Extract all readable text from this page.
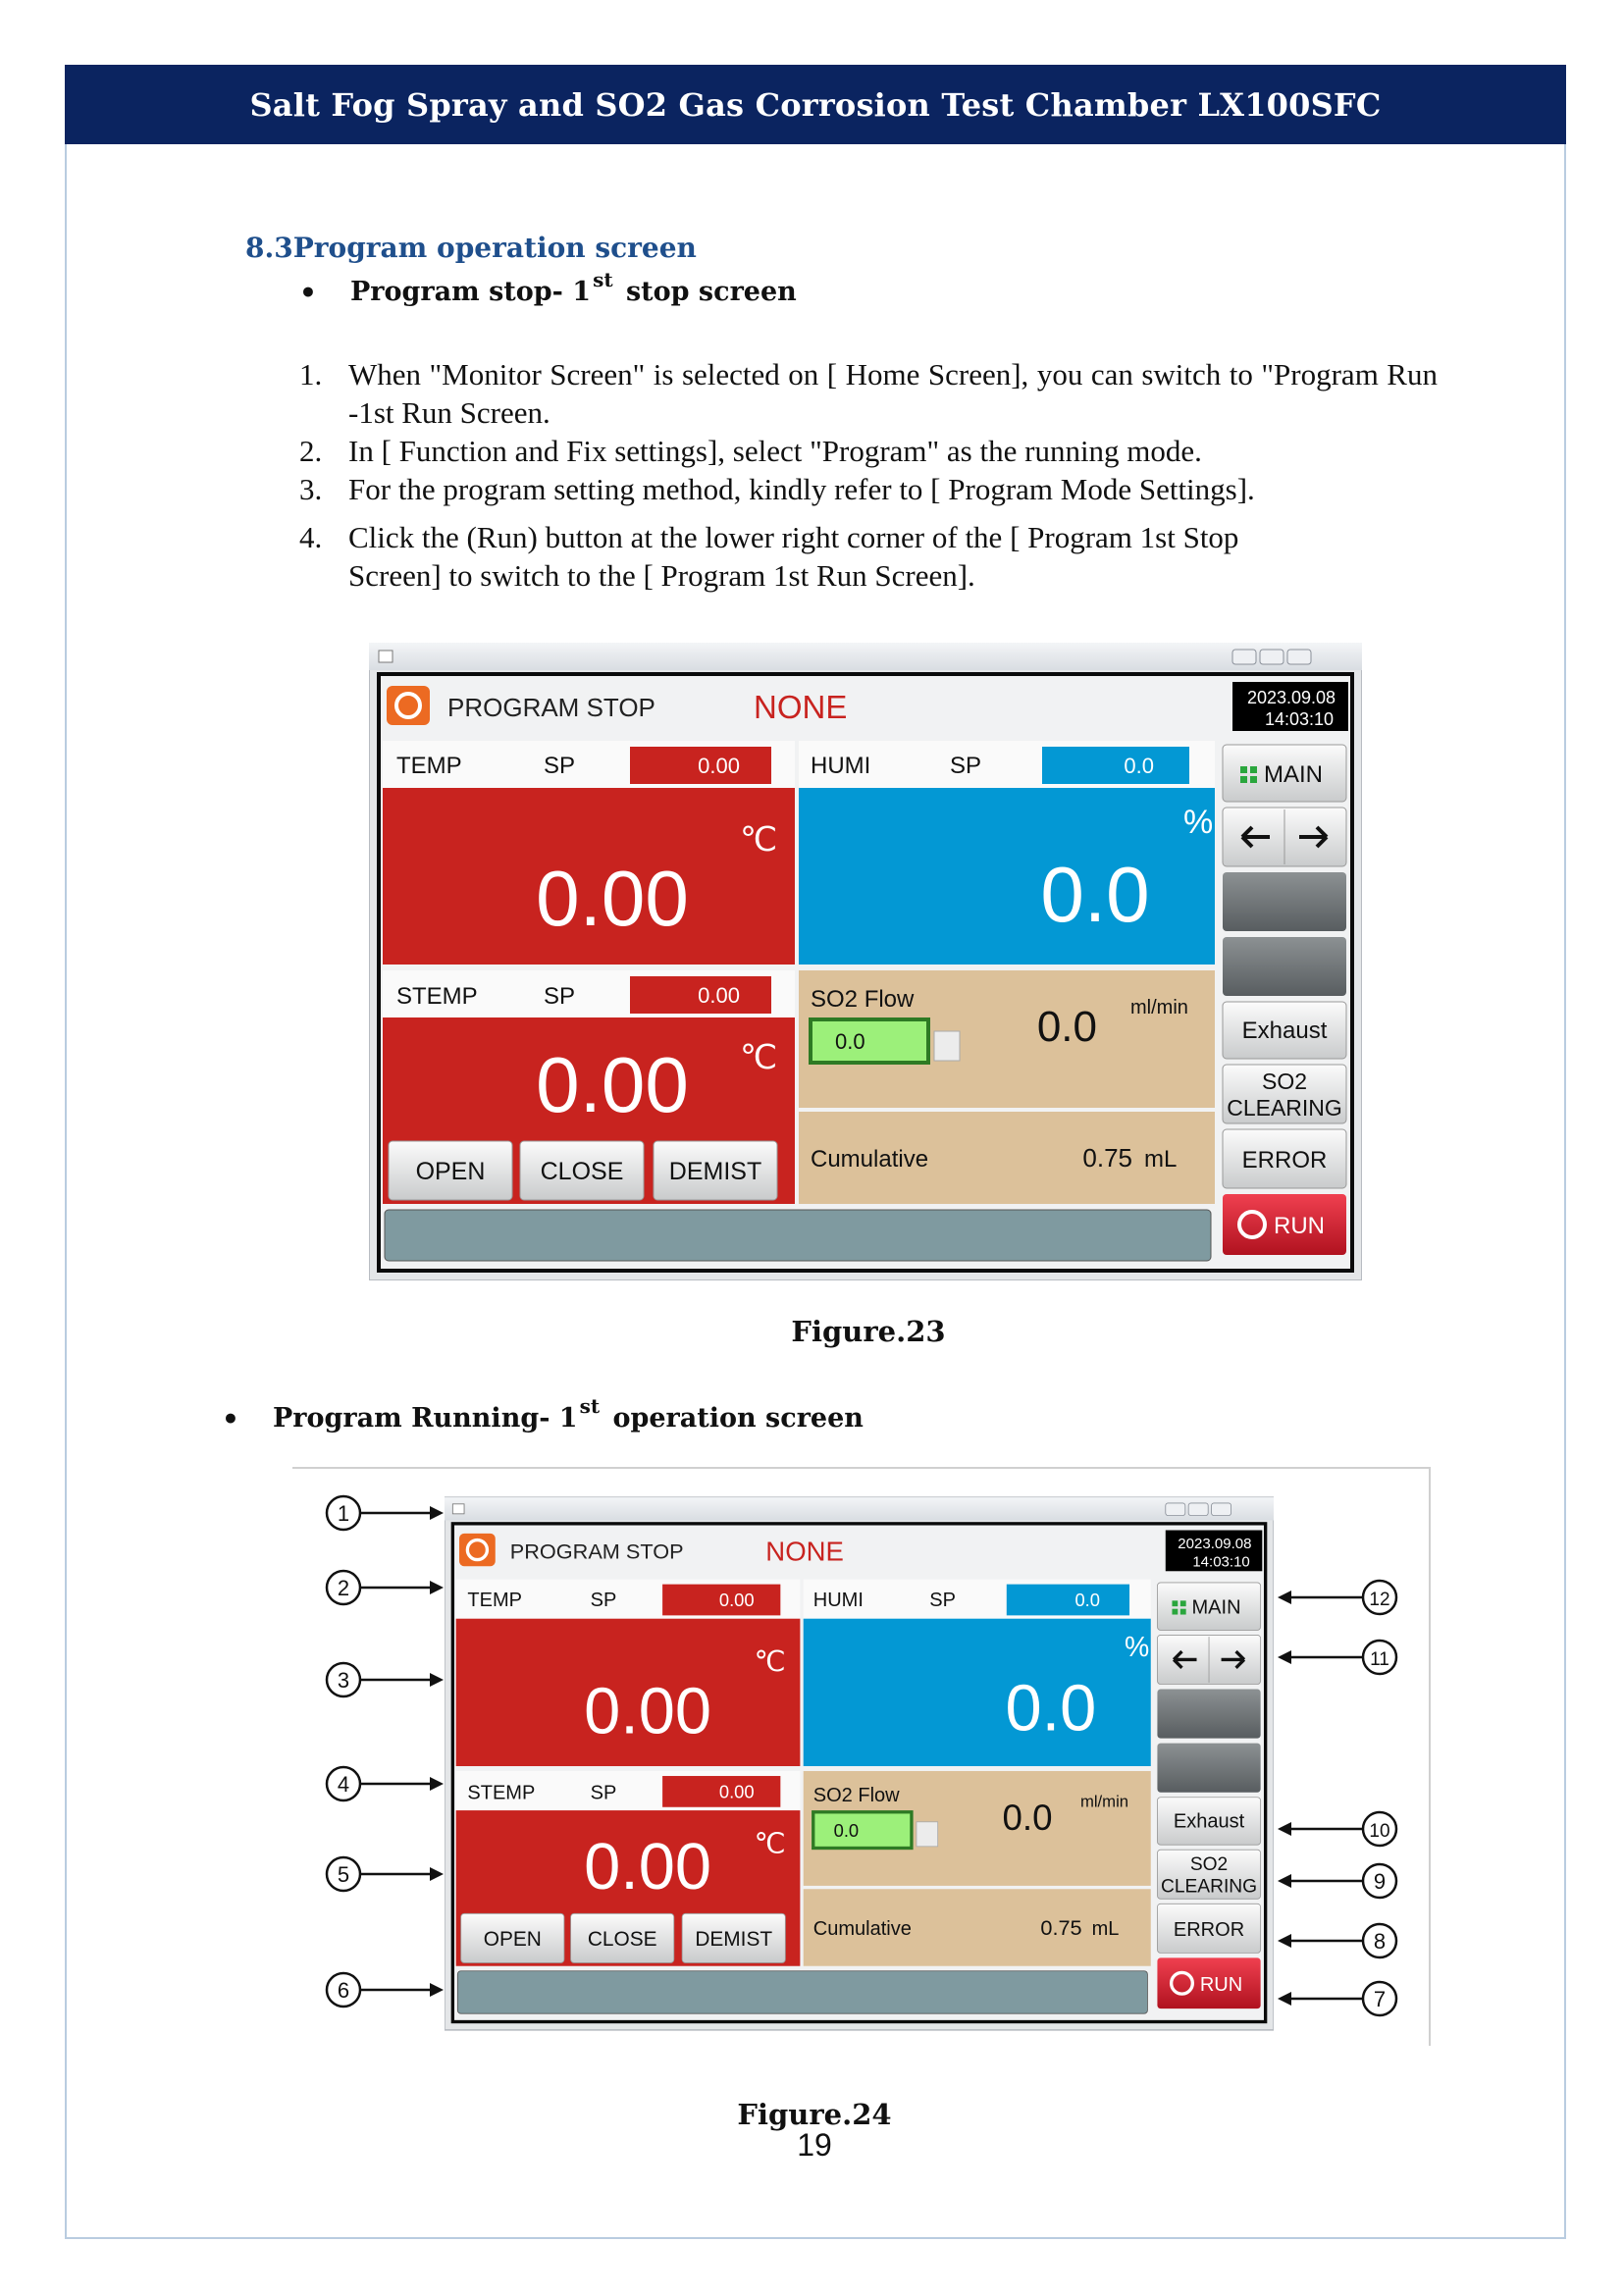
Salt Fog Spray and SO2 Gas Corrosion Test Chamber LX100SFC
8.3Program operation screen
•	Program stop- 1 $^{st}$ stop screen
1. When "Monitor Screen" is selected on [ Home Screen], you can switch to "Program Run -1st Run Screen.
2. In [ Function and Fix settings], select "Program" as the running mode.
3. For the program setting method, kindly refer to [ Program Mode Settings].
4. Click the (Run) button at the lower right corner of the [ Program 1st Stop Screen] to switch to the [ Program 1st Run Screen].
PROGRAM STOP	NONE	2023.09.08
14:03:10
TEMP	SP	0.00
0.00
℃
HUMI	SP	0.0
0.0
%
STEMP	SP	0.00
0.00 ℃
OPEN CLOSE DEMIST
SO2 Flow
0.0	0.0 ml/min
Cumulative	0.75 mL
MAIN
Exhaust
SO2
CLEARING
ERROR
RUN
Figure.23
•	Program Running- 1 $^{st}$ operation screen
PROGRAM STOP	NONE	2023.09.08
14:03:10
TEMP	SP	0.00
0.00
℃
HUMI	SP	0.0
0.0
%
STEMP SP	0.00
0.00 ℃
OPEN CLOSE DEMIST
SO2 Flow
0.0	0.0 ml/min
Cumulative	0.75 mL
MAIN
Exhaust
SO2
CLEARING
ERROR
RUN
1
2
3
4
5
6
12
11
10
9
8
7
Figure.24
19
